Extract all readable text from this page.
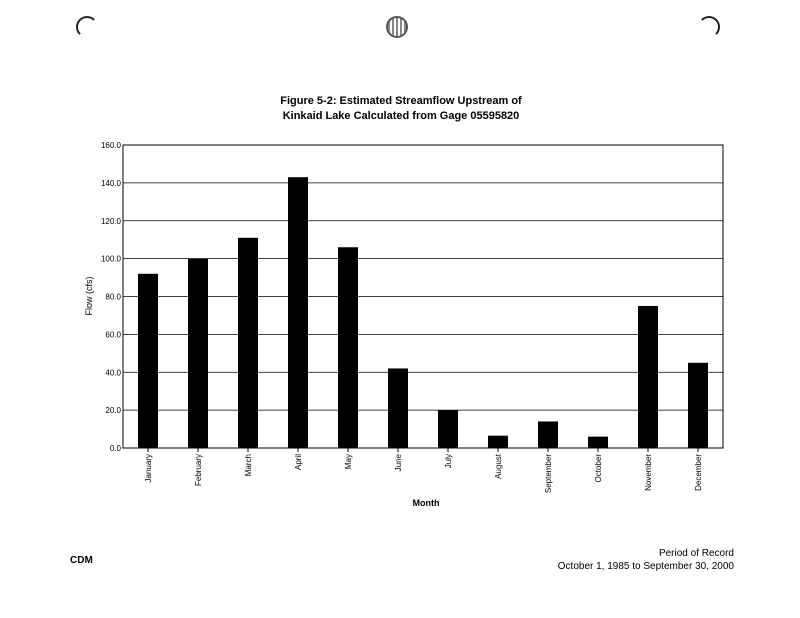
Figure 5-2: Estimated Streamflow Upstream of
Kinkaid Lake Calculated from Gage 05595820
0.0
20.0
40.0
60.0
80.0
100.0
120.0
140.0
160.0
January	February	March	April	May	June	July	August	September	October	November	December
Flow (cfs)
Month
CDM
Period of Record
October 1, 1985 to September 30, 2000
